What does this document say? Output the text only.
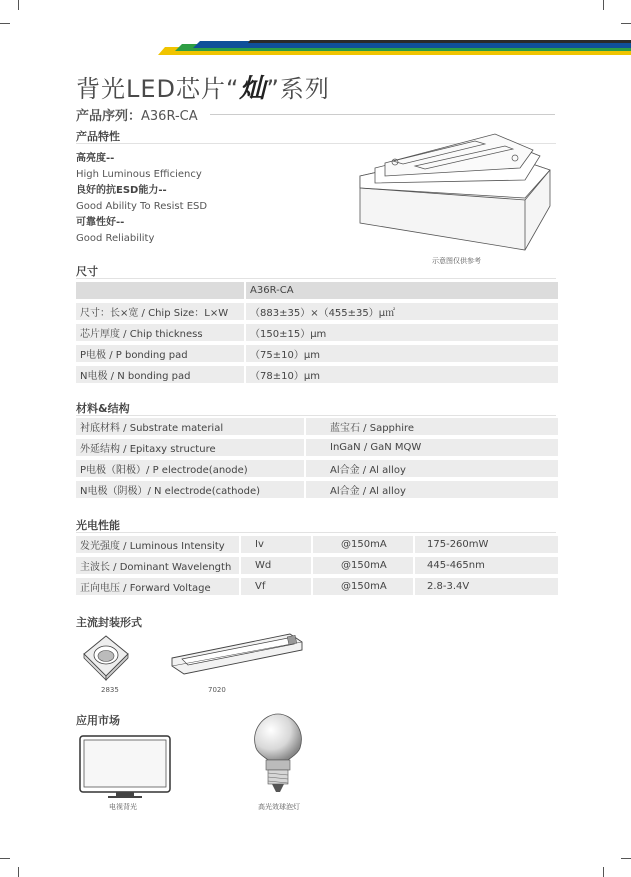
背光LED芯片“灿”系列
产品序列：A36R-CA
产品特性
高亮度--
High Luminous Efficiency
良好的抗ESD能力--
Good Ability To Resist ESD
可靠性好--
Good Reliability
示意图仅供参考
尺寸
	A36R-CA
尺寸：长×宽 / Chip Size：L×W	（883±35）×（455±35）μ㎡
芯片厚度 / Chip thickness	（150±15）μm
P电极 / P bonding pad	（75±10）μm
N电极 / N bonding pad	（78±10）μm
材料&结构
衬底材料 / Substrate material	蓝宝石 / Sapphire
外延结构 / Epitaxy structure	InGaN / GaN MQW
P电极（阳极）/ P electrode(anode)	Al合金 / Al alloy
N电极（阴极）/ N electrode(cathode)	Al合金 / Al alloy
光电性能
发光强度 / Luminous Intensity	Iv	@150mA	175-260mW
主波长 / Dominant Wavelength	Wd	@150mA	445-465nm
正向电压 / Forward Voltage	Vf	@150mA	2.8-3.4V
主流封装形式
2835	7020
应用市场
电视背光	高光效球泡灯
